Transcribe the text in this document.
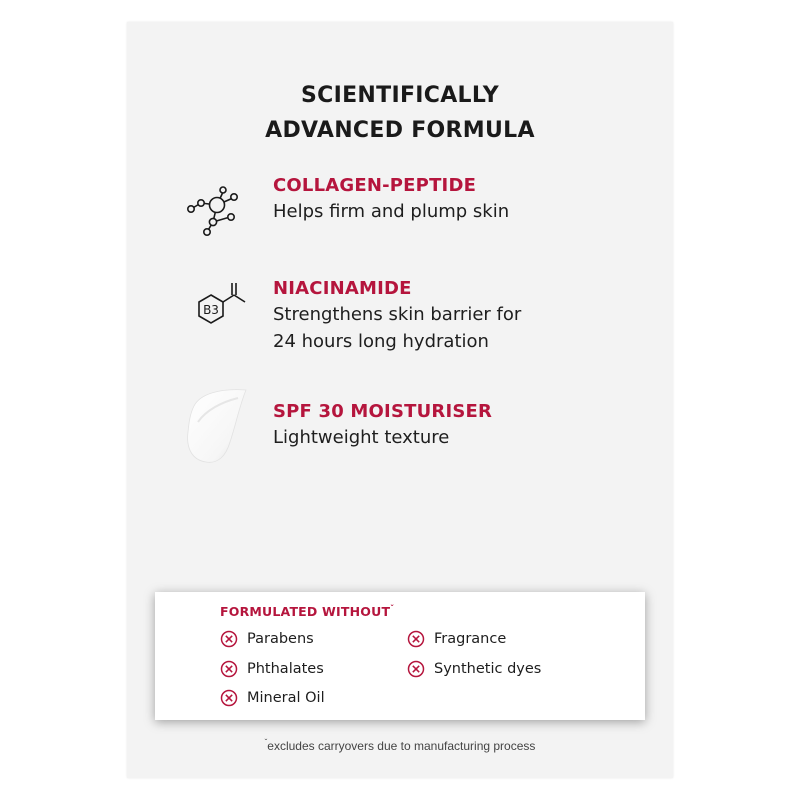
SCIENTIFICALLY
ADVANCED FORMULA
COLLAGEN-PEPTIDE
Helps firm and plump skin
B3
NIACINAMIDE
Strengthens skin barrier for
24 hours long hydration
SPF 30 MOISTURISER
Lightweight texture
FORMULATED $WITHOUT^ˇ$
Parabens	Fragrance
Phthalates	Synthetic dyes
Mineral Oil
$^ˇ$excludes carryovers due to manufacturing process
